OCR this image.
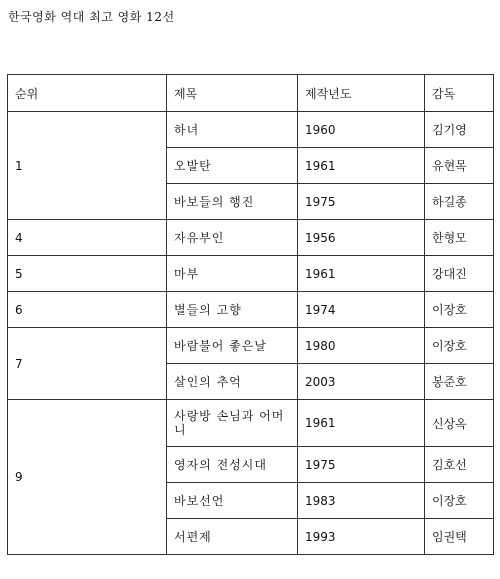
한국영화 역대 최고 영화 12선
순위	제목	제작년도	감독
1	하녀	1960	김기영
	오발탄	1961	유현목
	바보들의 행진	1975	하길종
4	자유부인	1956	한형모
5	마부	1961	강대진
6	별들의 고향	1974	이장호
7	바람불어 좋은날	1980	이장호
	살인의 추억	2003	봉준호
9	사랑방 손님과 어머니	1961	신상옥
	영자의 전성시대	1975	김호선
	바보선언	1983	이장호
	서편제	1993	임권택
